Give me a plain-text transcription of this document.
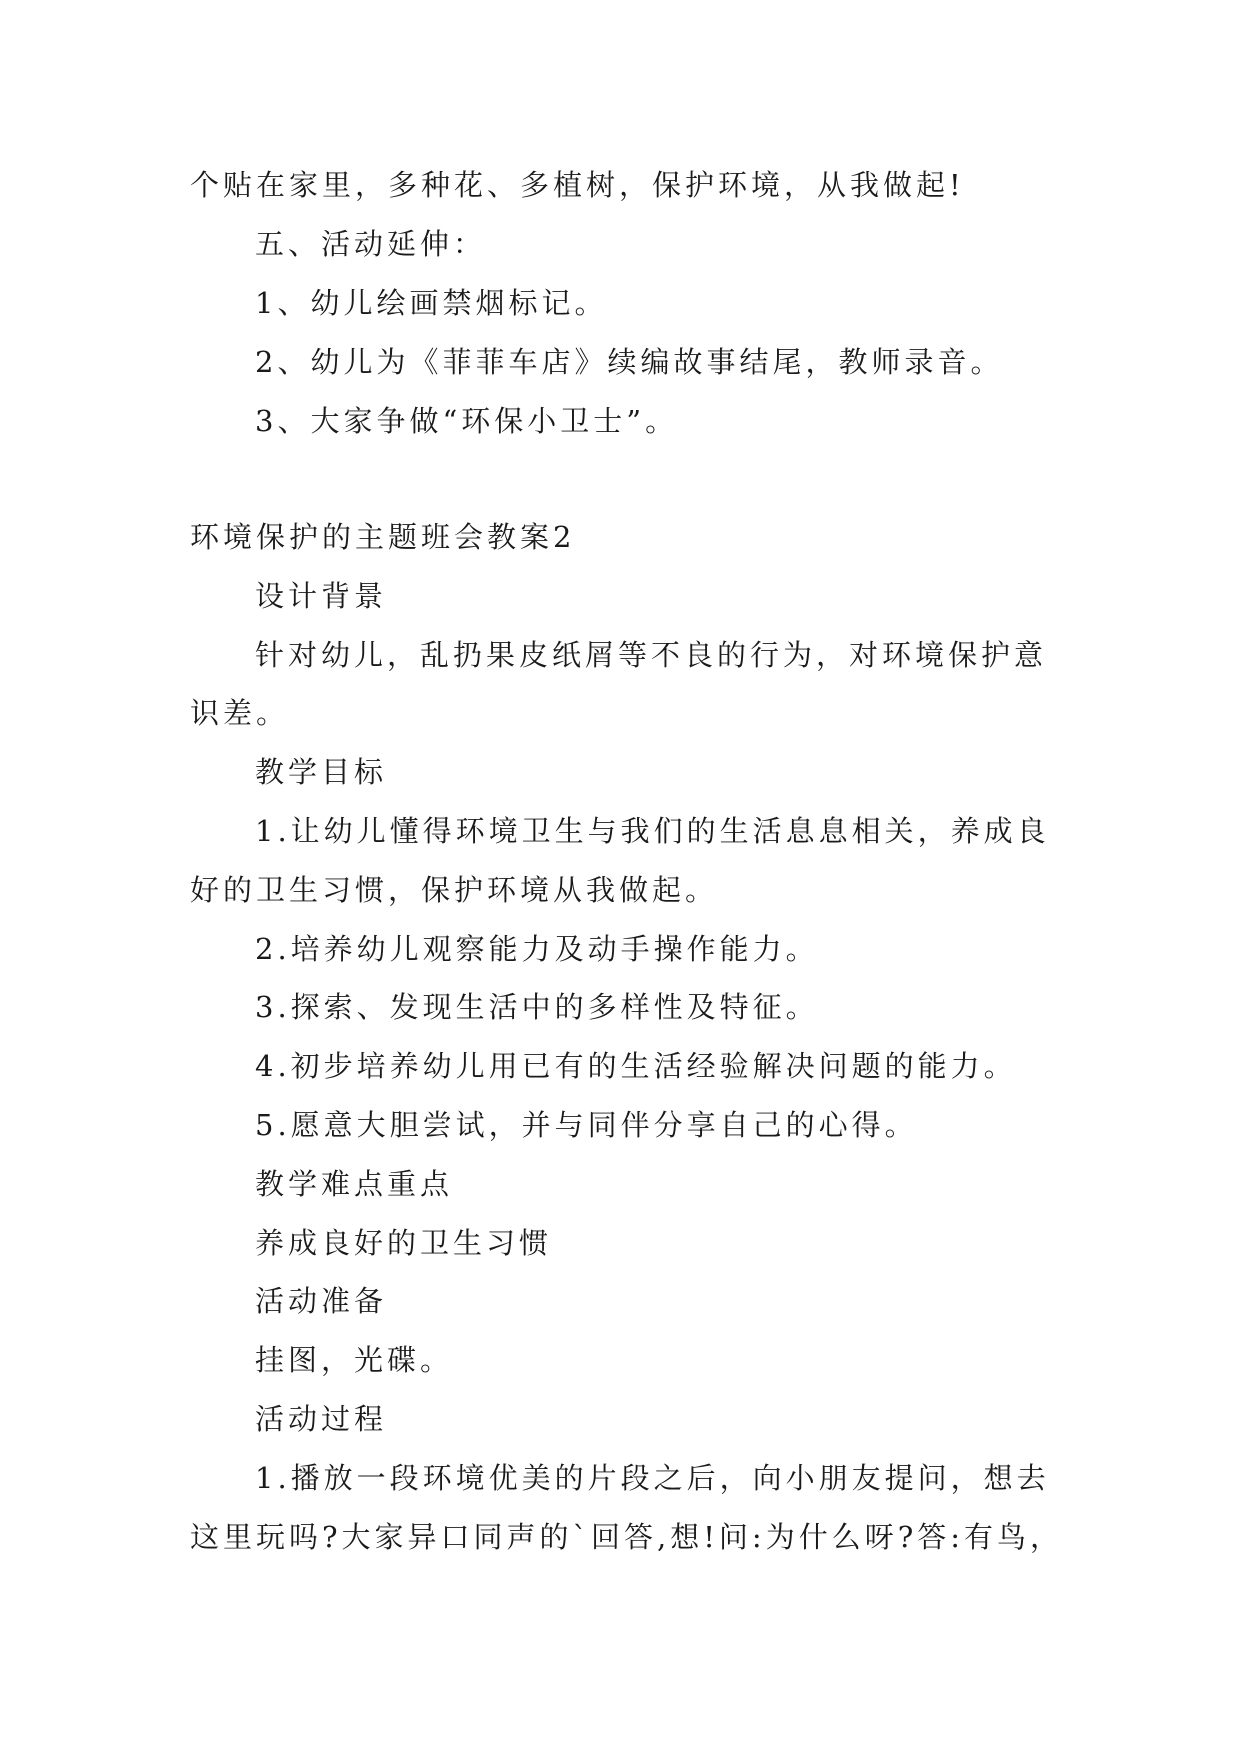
个贴在家里，多种花、多植树，保护环境，从我做起!
五、活动延伸：
1、幼儿绘画禁烟标记。
2、幼儿为《菲菲车店》续编故事结尾，教师录音。
3、大家争做“环保小卫士”。
环境保护的主题班会教案2
设计背景
针对幼儿，乱扔果皮纸屑等不良的行为，对环境保护意
识差。
教学目标
1.让幼儿懂得环境卫生与我们的生活息息相关，养成良
好的卫生习惯，保护环境从我做起。
2.培养幼儿观察能力及动手操作能力。
3.探索、发现生活中的多样性及特征。
4.初步培养幼儿用已有的生活经验解决问题的能力。
5.愿意大胆尝试，并与同伴分享自己的心得。
教学难点重点
养成良好的卫生习惯
活动准备
挂图，光碟。
活动过程
1.播放一段环境优美的片段之后，向小朋友提问，想去
这里玩吗?大家异口同声的`回答,想!问:为什么呀?答:有鸟，
